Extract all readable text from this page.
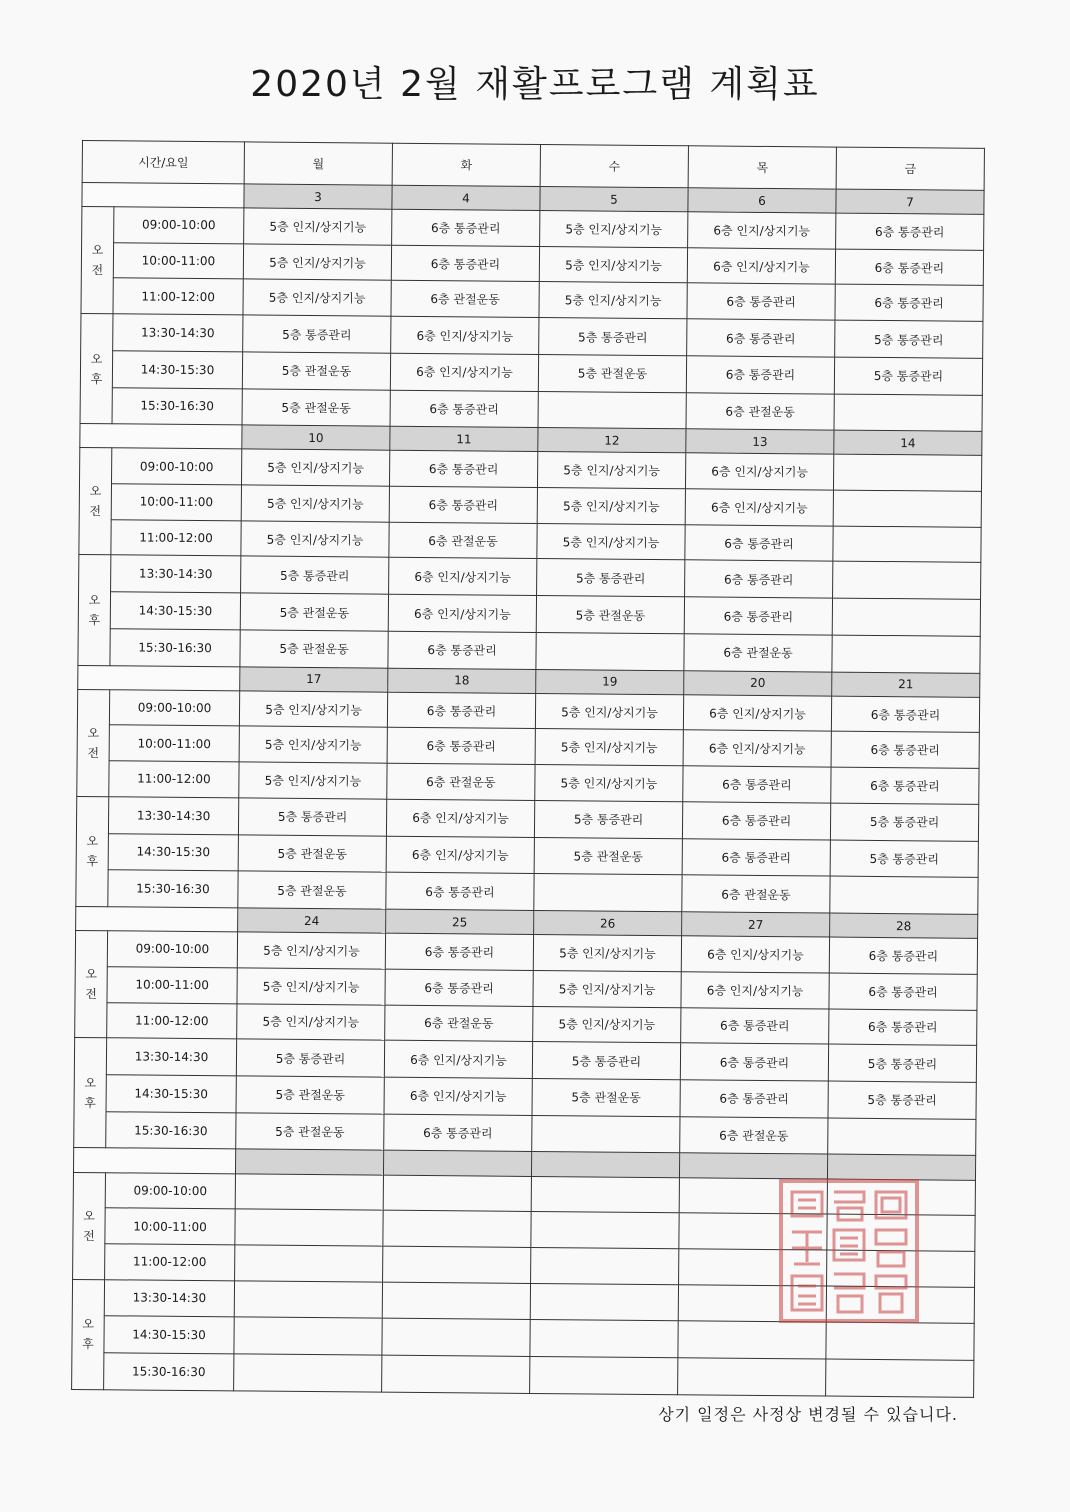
2020년 2월 재활프로그램 계획표
시간/요일		월	화	수	목	금
		3	4	5	6	7
오
전	09:00-10:00	5층 인지/상지기능	6층 통증관리	5층 인지/상지기능	6층 인지/상지기능	6층 통증관리
	10:00-11:00	5층 인지/상지기능	6층 통증관리	5층 인지/상지기능	6층 인지/상지기능	6층 통증관리
	11:00-12:00	5층 인지/상지기능	6층 관절운동	5층 인지/상지기능	6층 통증관리	6층 통증관리
오
후	13:30-14:30	5층 통증관리	6층 인지/상지기능	5층 통증관리	6층 통증관리	5층 통증관리
	14:30-15:30	5층 관절운동	6층 인지/상지기능	5층 관절운동	6층 통증관리	5층 통증관리
	15:30-16:30	5층 관절운동	6층 통증관리		6층 관절운동	
		10	11	12	13	14
오
전	09:00-10:00	5층 인지/상지기능	6층 통증관리	5층 인지/상지기능	6층 인지/상지기능	
	10:00-11:00	5층 인지/상지기능	6층 통증관리	5층 인지/상지기능	6층 인지/상지기능	
	11:00-12:00	5층 인지/상지기능	6층 관절운동	5층 인지/상지기능	6층 통증관리	
오
후	13:30-14:30	5층 통증관리	6층 인지/상지기능	5층 통증관리	6층 통증관리	
	14:30-15:30	5층 관절운동	6층 인지/상지기능	5층 관절운동	6층 통증관리	
	15:30-16:30	5층 관절운동	6층 통증관리		6층 관절운동	
		17	18	19	20	21
오
전	09:00-10:00	5층 인지/상지기능	6층 통증관리	5층 인지/상지기능	6층 인지/상지기능	6층 통증관리
	10:00-11:00	5층 인지/상지기능	6층 통증관리	5층 인지/상지기능	6층 인지/상지기능	6층 통증관리
	11:00-12:00	5층 인지/상지기능	6층 관절운동	5층 인지/상지기능	6층 통증관리	6층 통증관리
오
후	13:30-14:30	5층 통증관리	6층 인지/상지기능	5층 통증관리	6층 통증관리	5층 통증관리
	14:30-15:30	5층 관절운동	6층 인지/상지기능	5층 관절운동	6층 통증관리	5층 통증관리
	15:30-16:30	5층 관절운동	6층 통증관리		6층 관절운동	
		24	25	26	27	28
오
전	09:00-10:00	5층 인지/상지기능	6층 통증관리	5층 인지/상지기능	6층 인지/상지기능	6층 통증관리
	10:00-11:00	5층 인지/상지기능	6층 통증관리	5층 인지/상지기능	6층 인지/상지기능	6층 통증관리
	11:00-12:00	5층 인지/상지기능	6층 관절운동	5층 인지/상지기능	6층 통증관리	6층 통증관리
오
후	13:30-14:30	5층 통증관리	6층 인지/상지기능	5층 통증관리	6층 통증관리	5층 통증관리
	14:30-15:30	5층 관절운동	6층 인지/상지기능	5층 관절운동	6층 통증관리	5층 통증관리
	15:30-16:30	5층 관절운동	6층 통증관리		6층 관절운동	

오
전	09:00-10:00					
	10:00-11:00					
	11:00-12:00					
오
후	13:30-14:30					
	14:30-15:30					
	15:30-16:30					
상기 일정은 사정상 변경될 수 있습니다.
